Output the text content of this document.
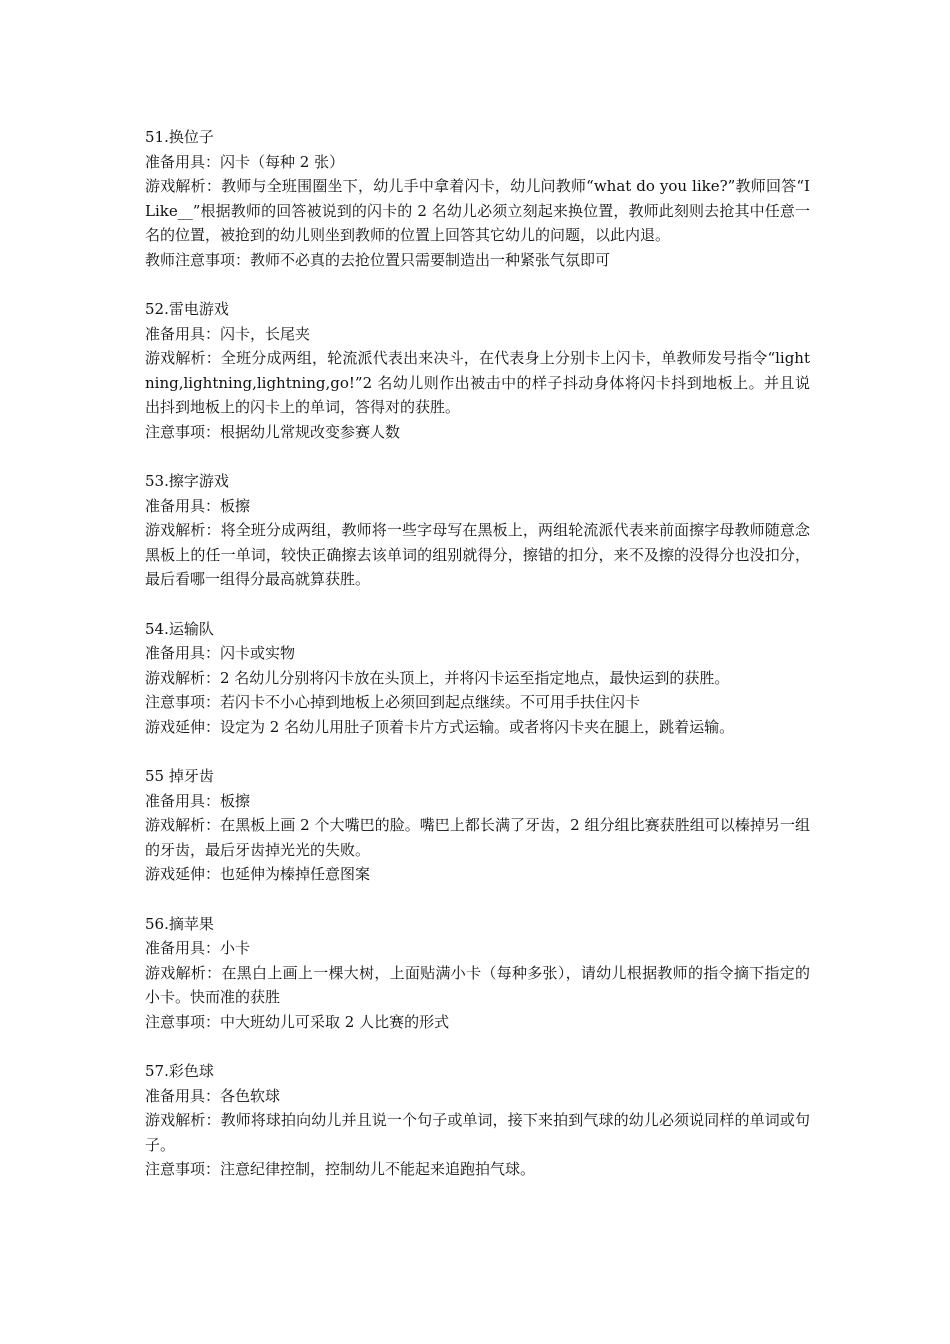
51.换位子

准备用具：闪卡（每种 2 张）

游戏解析：教师与全班围圈坐下，幼儿手中拿着闪卡，幼儿问教师“what do you like?”教师回答“ILike__”根据教师的回答被说到的闪卡的 2 名幼儿必须立刻起来换位置，教师此刻则去抢其中任意一名的位置，被抢到的幼儿则坐到教师的位置上回答其它幼儿的问题，以此内退。

教师注意事项：教师不必真的去抢位置只需要制造出一种紧张气氛即可

52.雷电游戏

准备用具：闪卡，长尾夹

游戏解析：全班分成两组，轮流派代表出来决斗，在代表身上分别卡上闪卡，单教师发号指令“lightning,lightning,lightning,go!”2 名幼儿则作出被击中的样子抖动身体将闪卡抖到地板上。并且说出抖到地板上的闪卡上的单词，答得对的获胜。

注意事项：根据幼儿常规改变参赛人数

53.擦字游戏

准备用具：板擦

游戏解析：将全班分成两组，教师将一些字母写在黑板上，两组轮流派代表来前面擦字母教师随意念黑板上的任一单词，较快正确擦去该单词的组别就得分，擦错的扣分，来不及擦的没得分也没扣分，最后看哪一组得分最高就算获胜。

54.运输队

准备用具：闪卡或实物

游戏解析：2 名幼儿分别将闪卡放在头顶上，并将闪卡运至指定地点，最快运到的获胜。

注意事项：若闪卡不小心掉到地板上必须回到起点继续。不可用手扶住闪卡

游戏延伸：设定为 2 名幼儿用肚子顶着卡片方式运输。或者将闪卡夹在腿上，跳着运输。

55 掉牙齿

准备用具：板擦

游戏解析：在黑板上画 2 个大嘴巴的脸。嘴巴上都长满了牙齿，2 组分组比赛获胜组可以榛掉另一组的牙齿，最后牙齿掉光光的失败。

游戏延伸：也延伸为榛掉任意图案

56.摘苹果

准备用具：小卡

游戏解析：在黑白上画上一棵大树，上面贴满小卡（每种多张），请幼儿根据教师的指令摘下指定的小卡。快而准的获胜

注意事项：中大班幼儿可采取 2 人比赛的形式

57.彩色球

准备用具：各色软球

游戏解析：教师将球拍向幼儿并且说一个句子或单词，接下来拍到气球的幼儿必须说同样的单词或句子。

注意事项：注意纪律控制，控制幼儿不能起来追跑拍气球。
